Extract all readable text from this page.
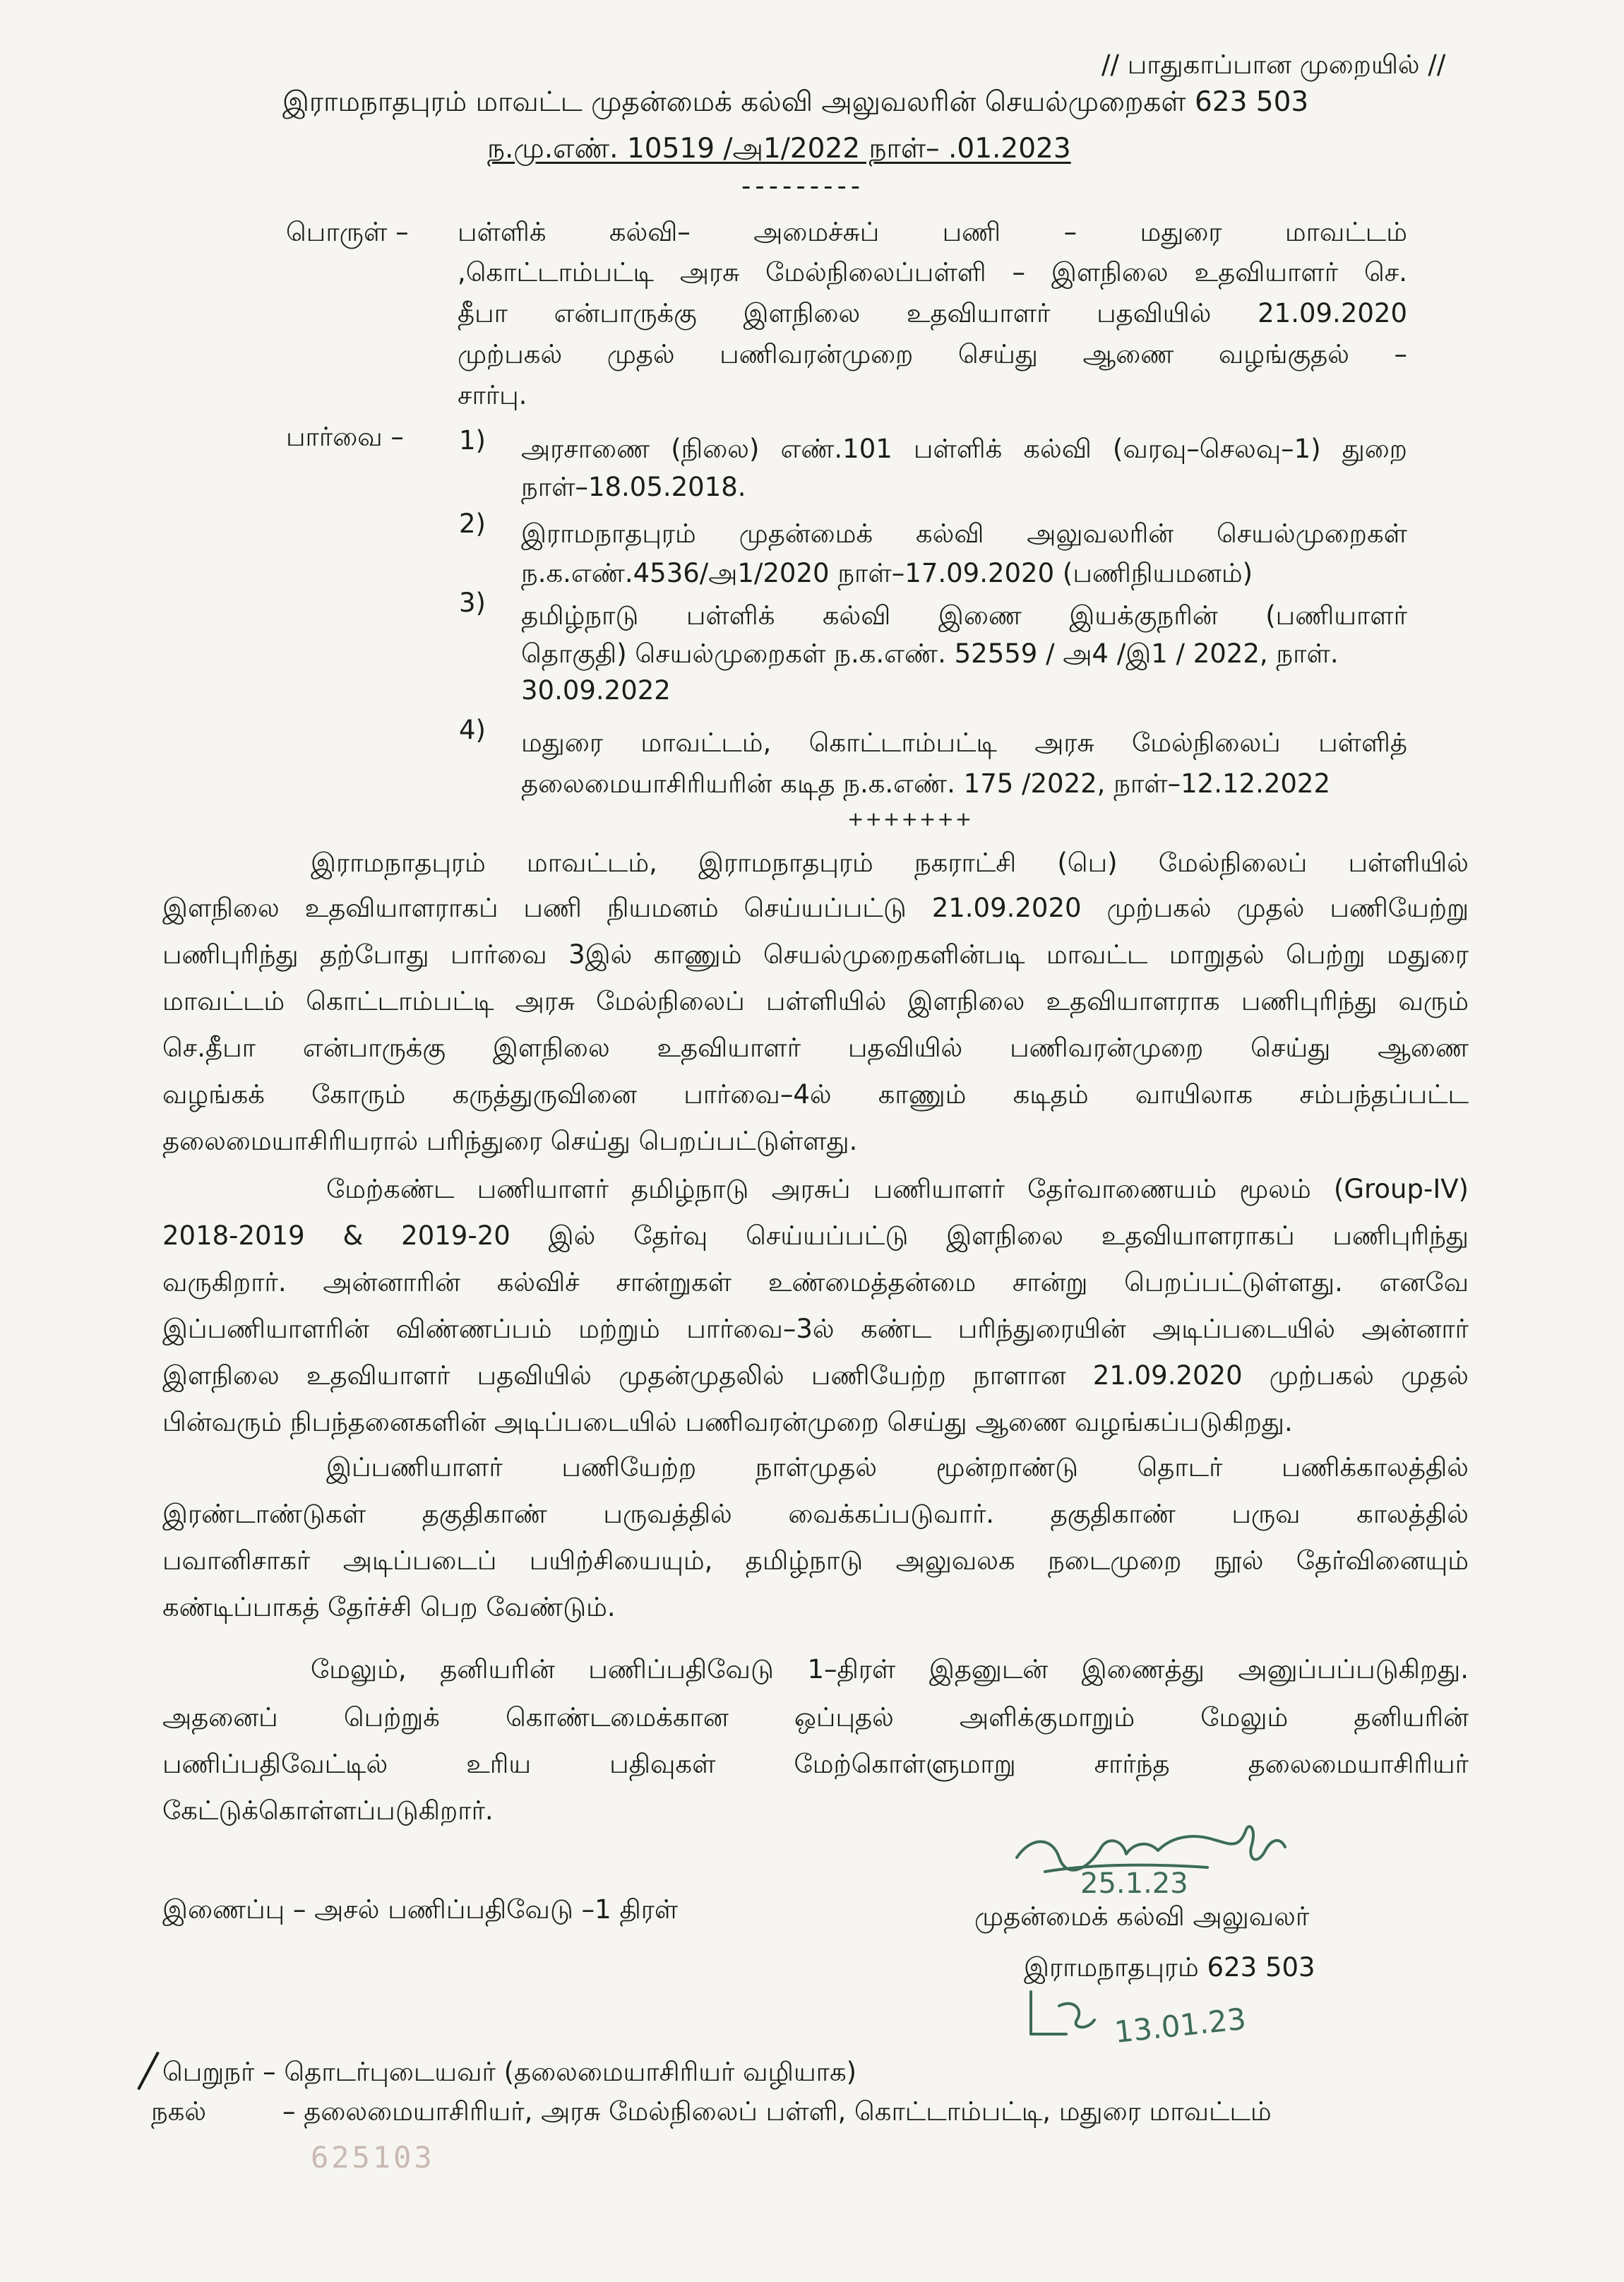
// பாதுகாப்பான முறையில் //
இராமநாதபுரம் மாவட்ட முதன்மைக் கல்வி அலுவலரின் செயல்முறைகள் 623 503
ந.மு.எண். 10519 /அ1/2022 நாள்– .01.2023
---------
பொருள் – பள்ளிக் கல்வி– அமைச்சுப் பணி – மதுரை மாவட்டம்
,கொட்டாம்பட்டி அரசு மேல்நிலைப்பள்ளி – இளநிலை உதவியாளர் செ.
தீபா என்பாருக்கு இளநிலை உதவியாளர் பதவியில் 21.09.2020
முற்பகல் முதல் பணிவரன்முறை செய்து ஆணை வழங்குதல் –
சார்பு.
பார்வை – 1) அரசாணை (நிலை) எண்.101 பள்ளிக் கல்வி (வரவு–செலவு–1) துறை
நாள்–18.05.2018.
2) இராமநாதபுரம் முதன்மைக் கல்வி அலுவலரின் செயல்முறைகள்
ந.க.எண்.4536/அ1/2020 நாள்–17.09.2020 (பணிநியமனம்)
3) தமிழ்நாடு பள்ளிக் கல்வி இணை இயக்குநரின் (பணியாளர்
தொகுதி) செயல்முறைகள் ந.க.எண். 52559 / அ4 /இ1 / 2022, நாள்.
30.09.2022
4) மதுரை மாவட்டம், கொட்டாம்பட்டி அரசு மேல்நிலைப் பள்ளித்
தலைமையாசிரியரின் கடித ந.க.எண். 175 /2022, நாள்–12.12.2022
+++++++
இராமநாதபுரம் மாவட்டம், இராமநாதபுரம் நகராட்சி (பெ) மேல்நிலைப் பள்ளியில்
இளநிலை உதவியாளராகப் பணி நியமனம் செய்யப்பட்டு 21.09.2020 முற்பகல் முதல் பணியேற்று
பணிபுரிந்து தற்போது பார்வை 3இல் காணும் செயல்முறைகளின்படி மாவட்ட மாறுதல் பெற்று மதுரை
மாவட்டம் கொட்டாம்பட்டி அரசு மேல்நிலைப் பள்ளியில் இளநிலை உதவியாளராக பணிபுரிந்து வரும்
செ.தீபா என்பாருக்கு இளநிலை உதவியாளர் பதவியில் பணிவரன்முறை செய்து ஆணை
வழங்கக் கோரும் கருத்துருவினை பார்வை–4ல் காணும் கடிதம் வாயிலாக சம்பந்தப்பட்ட
தலைமையாசிரியரால் பரிந்துரை செய்து பெறப்பட்டுள்ளது.
மேற்கண்ட பணியாளர் தமிழ்நாடு அரசுப் பணியாளர் தேர்வாணையம் மூலம் (Group-IV)
2018-2019 & 2019-20 இல் தேர்வு செய்யப்பட்டு இளநிலை உதவியாளராகப் பணிபுரிந்து
வருகிறார். அன்னாரின் கல்விச் சான்றுகள் உண்மைத்தன்மை சான்று பெறப்பட்டுள்ளது. எனவே
இப்பணியாளரின் விண்ணப்பம் மற்றும் பார்வை–3ல் கண்ட பரிந்துரையின் அடிப்படையில் அன்னார்
இளநிலை உதவியாளர் பதவியில் முதன்முதலில் பணியேற்ற நாளான 21.09.2020 முற்பகல் முதல்
பின்வரும் நிபந்தனைகளின் அடிப்படையில் பணிவரன்முறை செய்து ஆணை வழங்கப்படுகிறது.
இப்பணியாளர் பணியேற்ற நாள்முதல் மூன்றாண்டு தொடர் பணிக்காலத்தில்
இரண்டாண்டுகள் தகுதிகாண் பருவத்தில் வைக்கப்படுவார். தகுதிகாண் பருவ காலத்தில்
பவானிசாகர் அடிப்படைப் பயிற்சியையும், தமிழ்நாடு அலுவலக நடைமுறை நூல் தேர்வினையும்
கண்டிப்பாகத் தேர்ச்சி பெற வேண்டும்.
மேலும், தனியரின் பணிப்பதிவேடு 1–திரள் இதனுடன் இணைத்து அனுப்பப்படுகிறது.
அதனைப் பெற்றுக் கொண்டமைக்கான ஒப்புதல் அளிக்குமாறும் மேலும் தனியரின்
பணிப்பதிவேட்டில் உரிய பதிவுகள் மேற்கொள்ளுமாறு சார்ந்த தலைமையாசிரியர்
கேட்டுக்கொள்ளப்படுகிறார்.
25.1.23
இணைப்பு – அசல் பணிப்பதிவேடு –1 திரள்	முதன்மைக் கல்வி அலுவலர்
இராமநாதபுரம் 623 503
13.01.23
பெறுநர் – தொடர்புடையவர் (தலைமையாசிரியர் வழியாக)
நகல்	– தலைமையாசிரியர், அரசு மேல்நிலைப் பள்ளி, கொட்டாம்பட்டி, மதுரை மாவட்டம்
625103
